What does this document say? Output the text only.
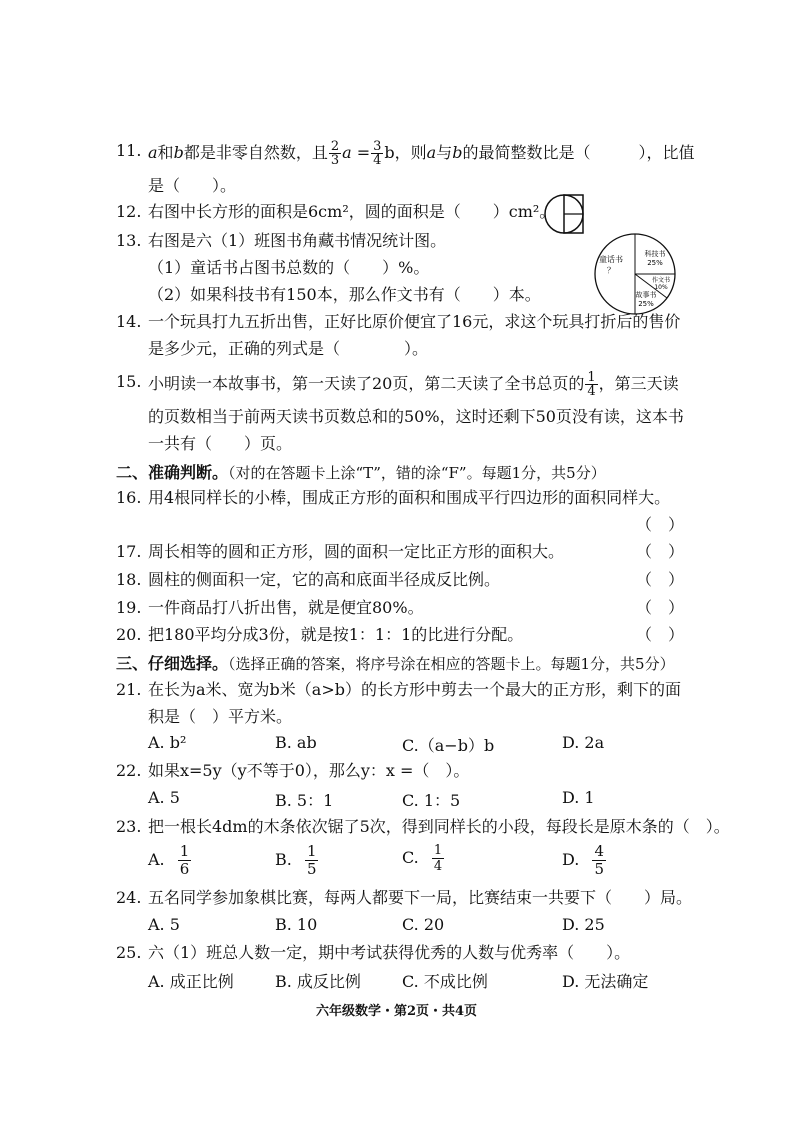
11. a和b都是非零自然数，且 $\frac{2}{3}$ $a = \frac{3}{4}$ b，则a与b的最简整数比是（　　　），比值
是（　　）。
12. 右图中长方形的面积是6cm²，圆的面积是（　　）cm²。
13. 右图是六（1）班图书角藏书情况统计图。
（1）童话书占图书总数的（　　）%。
（2）如果科技书有150本，那么作文书有（　　）本。
童话书
？
科技书
25%
作文书
10%
故事书
25%
14. 一个玩具打九五折出售，正好比原价便宜了16元，求这个玩具打折后的售价
是多少元，正确的列式是（　　　　）。
15. 小明读一本故事书，第一天读了20页，第二天读了全书总页的 $\frac{1}{4}$ ，第三天读
的页数相当于前两天读书页数总和的50%，这时还剩下50页没有读，这本书
一共有（　　）页。
二、准确判断。（对的在答题卡上涂“T”，错的涂“F”。每题1分，共5分）
16. 用4根同样长的小棒，围成正方形的面积和围成平行四边形的面积同样大。
（　）
17. 周长相等的圆和正方形，圆的面积一定比正方形的面积大。	（　）
18. 圆柱的侧面积一定，它的高和底面半径成反比例。	（　）
19. 一件商品打八折出售，就是便宜80%。	（　）
20. 把180平均分成3份，就是按1：1：1的比进行分配。	（　）
三、仔细选择。（选择正确的答案，将序号涂在相应的答题卡上。每题1分，共5分）
21. 在长为a米、宽为b米（a>b）的长方形中剪去一个最大的正方形，剩下的面
积是（　）平方米。
A. b²	B. ab	C.（a−b）b	D. 2a
22. 如果x=5y（y不等于0），那么y：x =（　）。
A. 5	B. 5：1	C. 1：5	D. 1
23. 把一根长4dm的木条依次锯了5次，得到同样长的小段，每段长是原木条的（　）。
A. $\frac{1}{6}$	B. $\frac{1}{5}$	C. $\frac{1}{4}$	D. $\frac{4}{5}$
24. 五名同学参加象棋比赛，每两人都要下一局，比赛结束一共要下（　　）局。
A. 5	B. 10	C. 20	D. 25
25. 六（1）班总人数一定，期中考试获得优秀的人数与优秀率（　　）。
A. 成正比例	B. 成反比例	C. 不成比例	D. 无法确定
六年级数学・第2页・共4页
